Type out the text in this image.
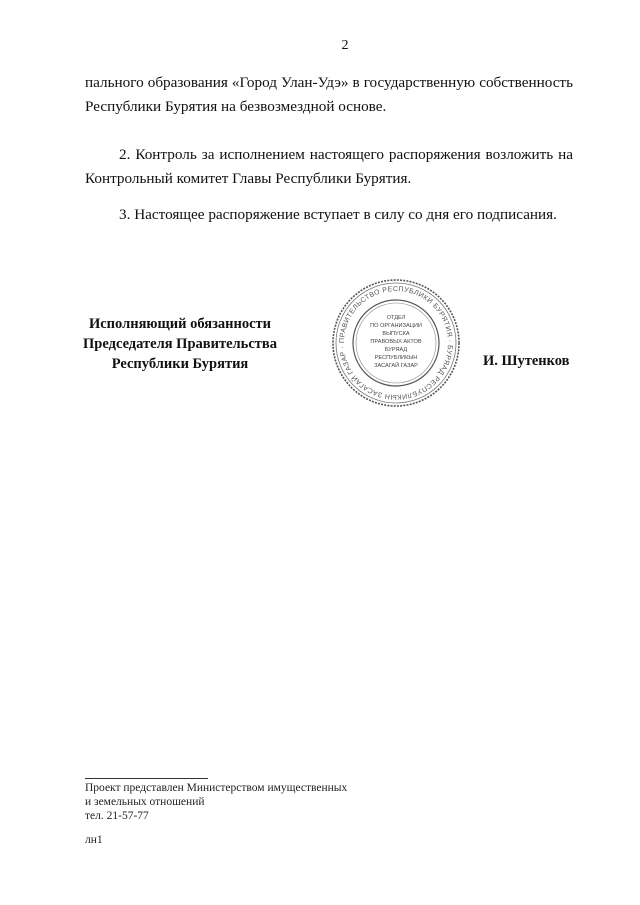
2

пального образования «Город Улан-Удэ» в государственную собственность Республики Бурятия на безвозмездной основе.

2. Контроль за исполнением настоящего распоряжения возложить на Контрольный комитет Главы Республики Бурятия.

3. Настоящее распоряжение вступает в силу со дня его подписания.

Исполняющий обязанности
Председателя Правительства
Республики Бурятия
ПРАВИТЕЛЬСТВО РЕСПУБЛИКИ БУРЯТИЯ · БУРЯАД РЕСПУБЛИКЫН ЗАСАГАЙ ГАЗАР ·
ОТДЕЛ
ПО ОРГАНИЗАЦИИ
ВЫПУСКА
ПРАВОВЫХ АКТОВ
БУРЯАД
РЕСПУБЛИКЫН
ЗАСАГАЙ ГАЗАР	И. Шутенков
Проект представлен Министерством имущественных
и земельных отношений
тел. 21-57-77
лн1
